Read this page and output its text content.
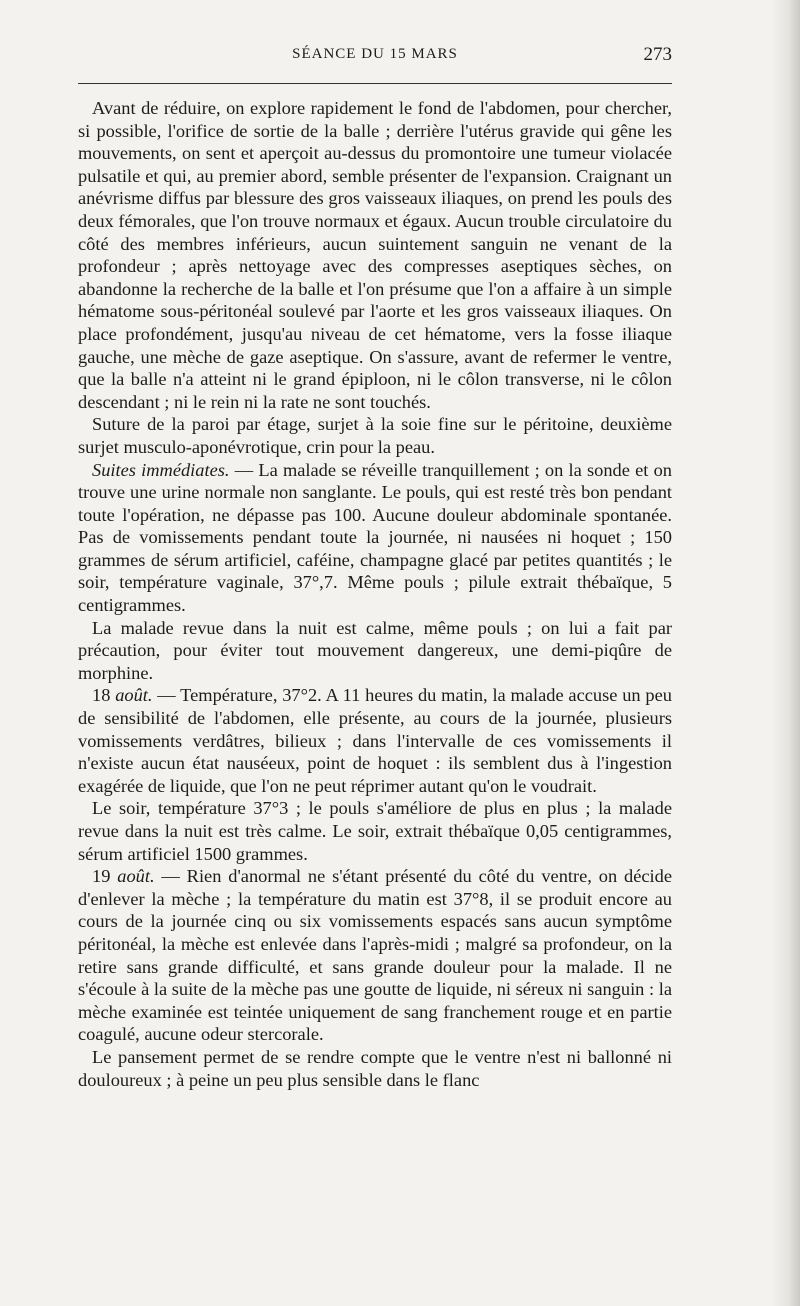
SÉANCE DU 15 MARS	273

Avant de réduire, on explore rapidement le fond de l'abdomen, pour chercher, si possible, l'orifice de sortie de la balle ; derrière l'utérus gravide qui gêne les mouvements, on sent et aperçoit au-dessus du promontoire une tumeur violacée pulsatile et qui, au premier abord, semble présenter de l'expansion. Craignant un anévrisme diffus par blessure des gros vaisseaux iliaques, on prend les pouls des deux fémorales, que l'on trouve normaux et égaux. Aucun trouble circulatoire du côté des membres inférieurs, aucun suintement sanguin ne venant de la profondeur ; après nettoyage avec des compresses aseptiques sèches, on abandonne la recherche de la balle et l'on présume que l'on a affaire à un simple hématome sous-péritonéal soulevé par l'aorte et les gros vaisseaux iliaques. On place profondément, jusqu'au niveau de cet hématome, vers la fosse iliaque gauche, une mèche de gaze aseptique. On s'assure, avant de refermer le ventre, que la balle n'a atteint ni le grand épiploon, ni le côlon transverse, ni le côlon descendant ; ni le rein ni la rate ne sont touchés.

Suture de la paroi par étage, surjet à la soie fine sur le péritoine, deuxième surjet musculo-aponévrotique, crin pour la peau.

Suites immédiates. — La malade se réveille tranquillement ; on la sonde et on trouve une urine normale non sanglante. Le pouls, qui est resté très bon pendant toute l'opération, ne dépasse pas 100. Aucune douleur abdominale spontanée. Pas de vomissements pendant toute la journée, ni nausées ni hoquet ; 150 grammes de sérum artificiel, caféine, champagne glacé par petites quantités ; le soir, température vaginale, 37°,7. Même pouls ; pilule extrait thébaïque, 5 centigrammes.

La malade revue dans la nuit est calme, même pouls ; on lui a fait par précaution, pour éviter tout mouvement dangereux, une demi-piqûre de morphine.

18 août. — Température, 37°2. A 11 heures du matin, la malade accuse un peu de sensibilité de l'abdomen, elle présente, au cours de la journée, plusieurs vomissements verdâtres, bilieux ; dans l'intervalle de ces vomissements il n'existe aucun état nauséeux, point de hoquet : ils semblent dus à l'ingestion exagérée de liquide, que l'on ne peut réprimer autant qu'on le voudrait.

Le soir, température 37°3 ; le pouls s'améliore de plus en plus ; la malade revue dans la nuit est très calme. Le soir, extrait thébaïque 0,05 centigrammes, sérum artificiel 1500 grammes.

19 août. — Rien d'anormal ne s'étant présenté du côté du ventre, on décide d'enlever la mèche ; la température du matin est 37°8, il se produit encore au cours de la journée cinq ou six vomissements espacés sans aucun symptôme péritonéal, la mèche est enlevée dans l'après-midi ; malgré sa profondeur, on la retire sans grande difficulté, et sans grande douleur pour la malade. Il ne s'écoule à la suite de la mèche pas une goutte de liquide, ni séreux ni sanguin : la mèche examinée est teintée uniquement de sang franchement rouge et en partie coagulé, aucune odeur stercorale.

Le pansement permet de se rendre compte que le ventre n'est ni ballonné ni douloureux ; à peine un peu plus sensible dans le flanc
